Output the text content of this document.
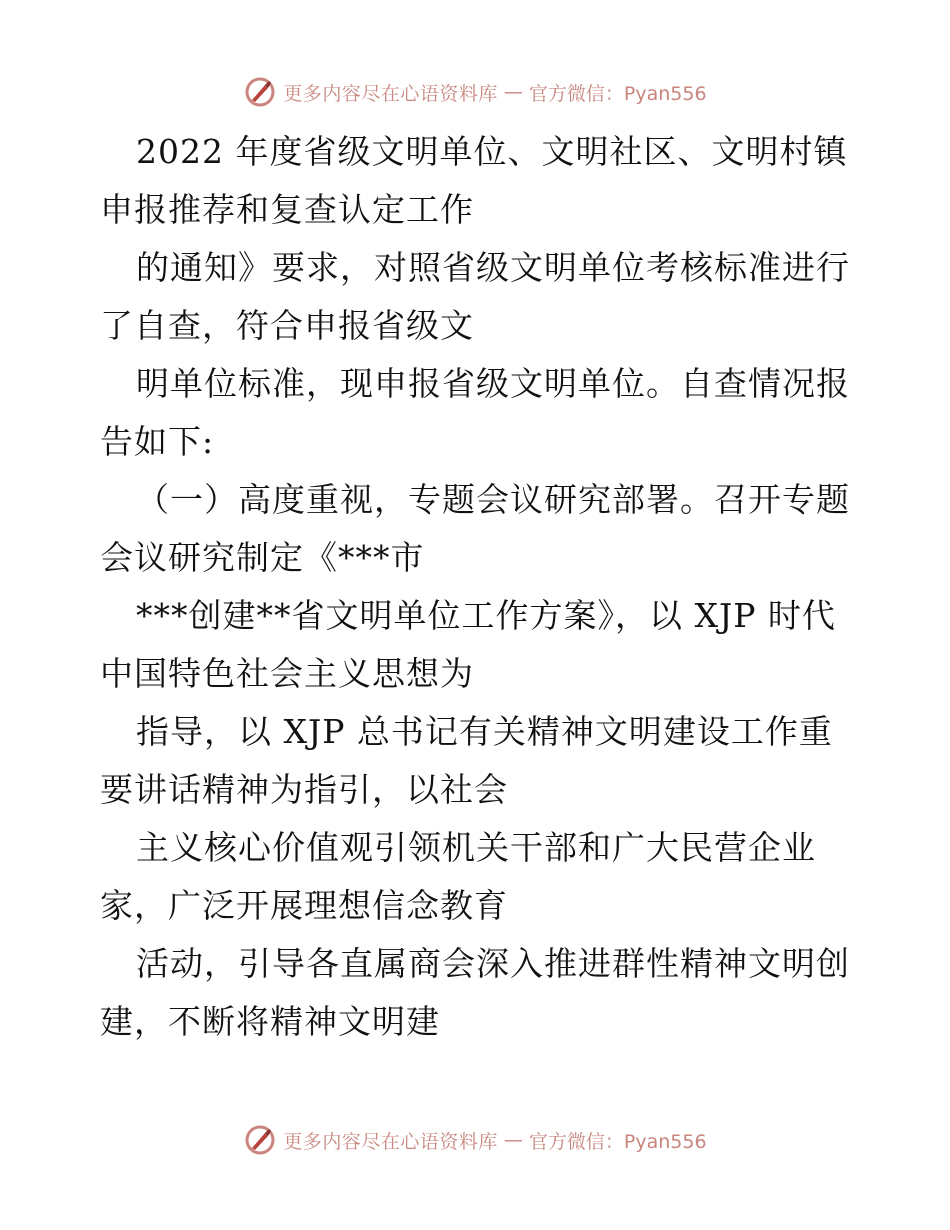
更多内容尽在心语资料库 — 官方微信：Pyan556
2022 年度省级文明单位、文明社区、文明村镇
申报推荐和复查认定工作
的通知》要求，对照省级文明单位考核标准进行
了自查，符合申报省级文
明单位标准，现申报省级文明单位。自查情况报
告如下:
（一）高度重视，专题会议研究部署。召开专题
会议研究制定《***市
***创建**省文明单位工作方案》，以 XJP 时代
中国特色社会主义思想为
指导，以 XJP 总书记有关精神文明建设工作重
要讲话精神为指引，以社会
主义核心价值观引领机关干部和广大民营企业
家，广泛开展理想信念教育
活动，引导各直属商会深入推进群性精神文明创
建，不断将精神文明建
更多内容尽在心语资料库 — 官方微信：Pyan556
